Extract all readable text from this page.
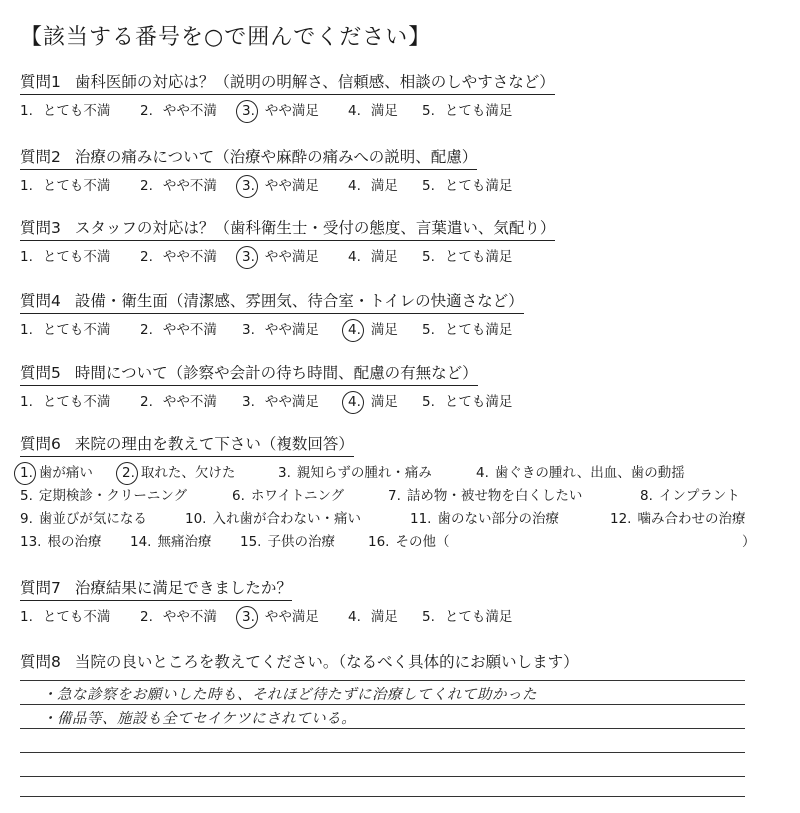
【該当する番号を○で囲んでください】
質問1 歯科医師の対応は？（説明の明解さ、信頼感、相談のしやすさなど）
1. とても不満 2. やや不満 3. やや満足 4. 満足 5. とても満足
質問2 治療の痛みについて（治療や麻酔の痛みへの説明、配慮）
1. とても不満 2. やや不満 3. やや満足 4. 満足 5. とても満足
質問3 スタッフの対応は？（歯科衛生士・受付の態度、言葉遣い、気配り）
1. とても不満 2. やや不満 3. やや満足 4. 満足 5. とても満足
質問4 設備・衛生面（清潔感、雰囲気、待合室・トイレの快適さなど）
1. とても不満 2. やや不満 3. やや満足 4. 満足 5. とても満足
質問5 時間について（診察や会計の待ち時間、配慮の有無など）
1. とても不満 2. やや不満 3. やや満足 4. 満足 5. とても満足
質問6 来院の理由を教えて下さい（複数回答）
）
1. 歯が痛い 2. 取れた、欠けた	3. 親知らずの腫れ・痛み	4. 歯ぐきの腫れ、出血、歯の動揺
5. 定期検診・クリーニング	6. ホワイトニング	7. 詰め物・被せ物を白くしたい	8. インプラント
9. 歯並びが気になる	10. 入れ歯が合わない・痛い	11. 歯のない部分の治療	12. 噛み合わせの治療
13. 根の治療 14. 無痛治療 15. 子供の治療 16. その他（
質問7 治療結果に満足できましたか？
1. とても不満 2. やや不満 3. やや満足 4. 満足 5. とても満足
質問8 当院の良いところを教えてください。（なるべく具体的にお願いします）
・急な診察をお願いした時も、それほど待たずに治療してくれて助かった
・備品等、施設も全てセイケツにされている。
